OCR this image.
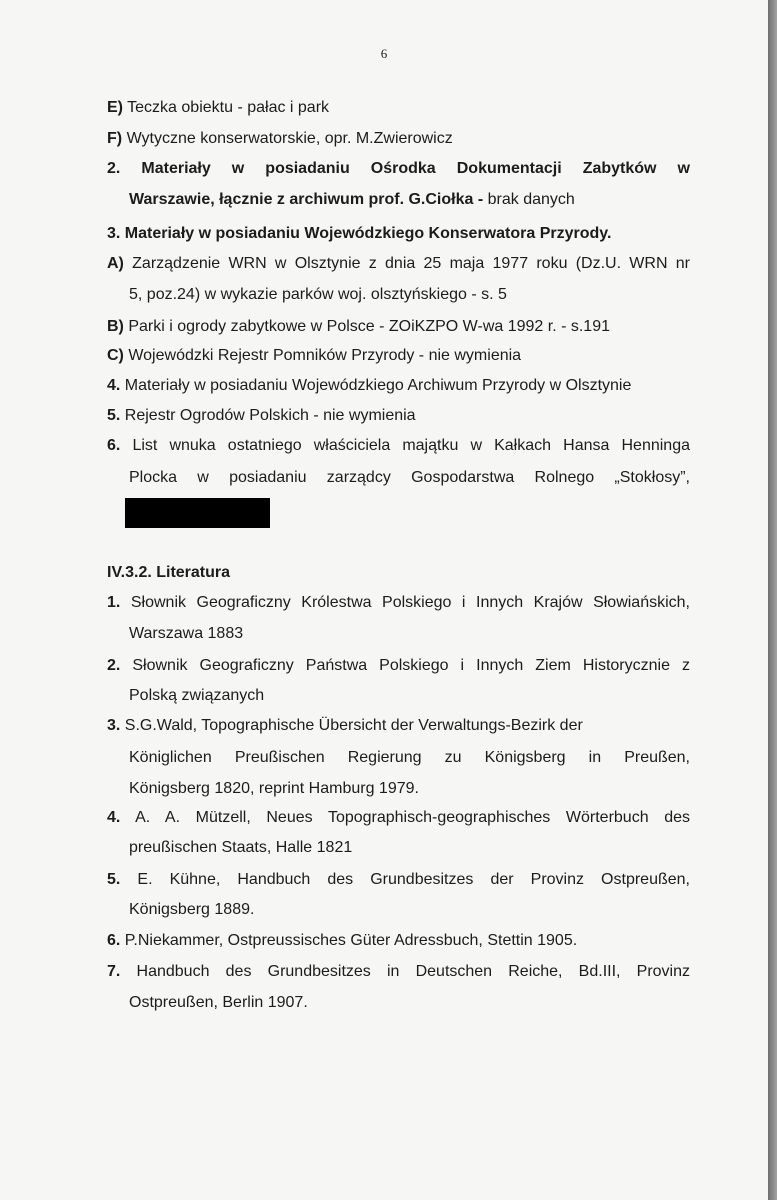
6
E) Teczka obiektu - pałac i park
F) Wytyczne konserwatorskie, opr. M.Zwierowicz
2. Materiały w posiadaniu Ośrodka Dokumentacji Zabytków w
Warszawie, łącznie z archiwum prof. G.Ciołka - brak danych
3. Materiały w posiadaniu Wojewódzkiego Konserwatora Przyrody.
A) Zarządzenie WRN w Olsztynie z dnia 25 maja 1977 roku (Dz.U. WRN nr
5, poz.24) w wykazie parków woj. olsztyńskiego - s. 5
B) Parki i ogrody zabytkowe w Polsce - ZOiKZPO W-wa 1992 r. - s.191
C) Wojewódzki Rejestr Pomników Przyrody - nie wymienia
4. Materiały w posiadaniu Wojewódzkiego Archiwum Przyrody w Olsztynie
5. Rejestr Ogrodów Polskich - nie wymienia
6. List wnuka ostatniego właściciela majątku w Kałkach Hansa Henninga
Plocka w posiadaniu zarządcy Gospodarstwa Rolnego „Stokłosy”,
IV.3.2. Literatura
1. Słownik Geograficzny Królestwa Polskiego i Innych Krajów Słowiańskich,
Warszawa 1883
2. Słownik Geograficzny Państwa Polskiego i Innych Ziem Historycznie z
Polską związanych
3. S.G.Wald, Topographische Übersicht der Verwaltungs-Bezirk der
Königlichen Preußischen Regierung zu Königsberg in Preußen,
Königsberg 1820, reprint Hamburg 1979.
4. A. A. Mützell, Neues Topographisch-geographisches Wörterbuch des
preußischen Staats, Halle 1821
5. E. Kühne, Handbuch des Grundbesitzes der Provinz Ostpreußen,
Königsberg 1889.
6. P.Niekammer, Ostpreussisches Güter Adressbuch, Stettin 1905.
7. Handbuch des Grundbesitzes in Deutschen Reiche, Bd.III, Provinz
Ostpreußen, Berlin 1907.
